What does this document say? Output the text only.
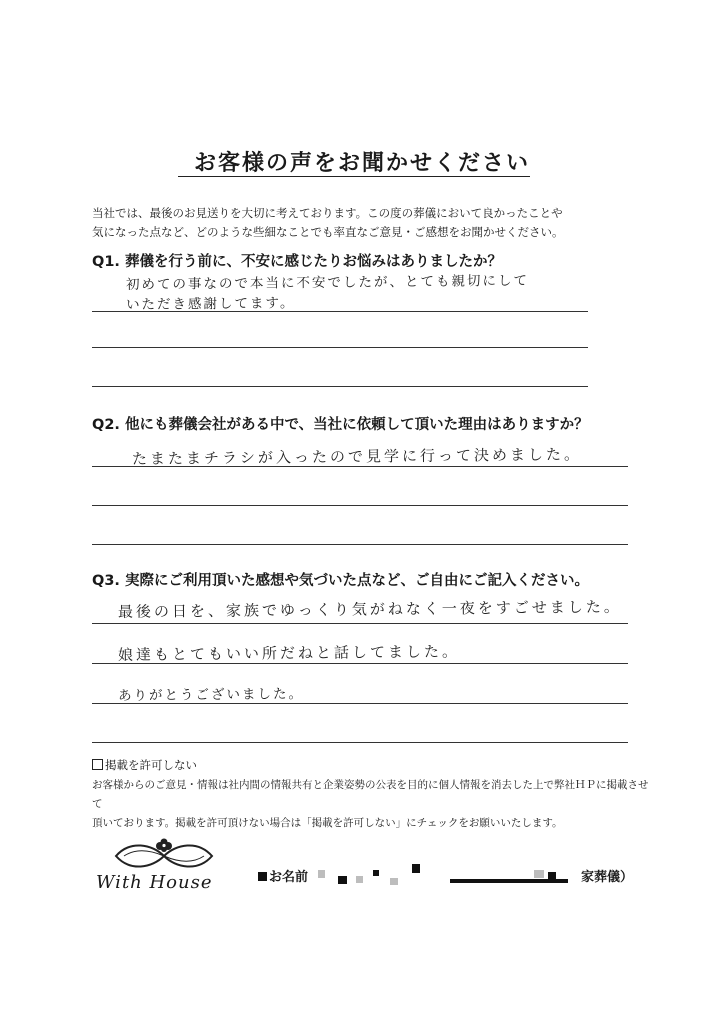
お客様の声をお聞かせください
当社では、最後のお見送りを大切に考えております。この度の葬儀において良かったことや
気になった点など、どのような些細なことでも率直なご意見・ご感想をお聞かせください。
Q1. 葬儀を行う前に、不安に感じたりお悩みはありましたか？
初めての事なので本当に不安でしたが、とても親切にして
いただき感謝してます。
Q2. 他にも葬儀会社がある中で、当社に依頼して頂いた理由はありますか？
たまたまチラシが入ったので見学に行って決めました。
Q3. 実際にご利用頂いた感想や気づいた点など、ご自由にご記入ください。
最後の日を、家族でゆっくり気がねなく一夜をすごせました。
娘達もとてもいい所だねと話してました。
ありがとうございました。
掲載を許可しない
お客様からのご意見・情報は社内間の情報共有と企業姿勢の公表を目的に個人情報を消去した上で弊社ＨＰに掲載させて
頂いております。掲載を許可頂けない場合は「掲載を許可しない」にチェックをお願いいたします。
With House	お名前	家葬儀）
